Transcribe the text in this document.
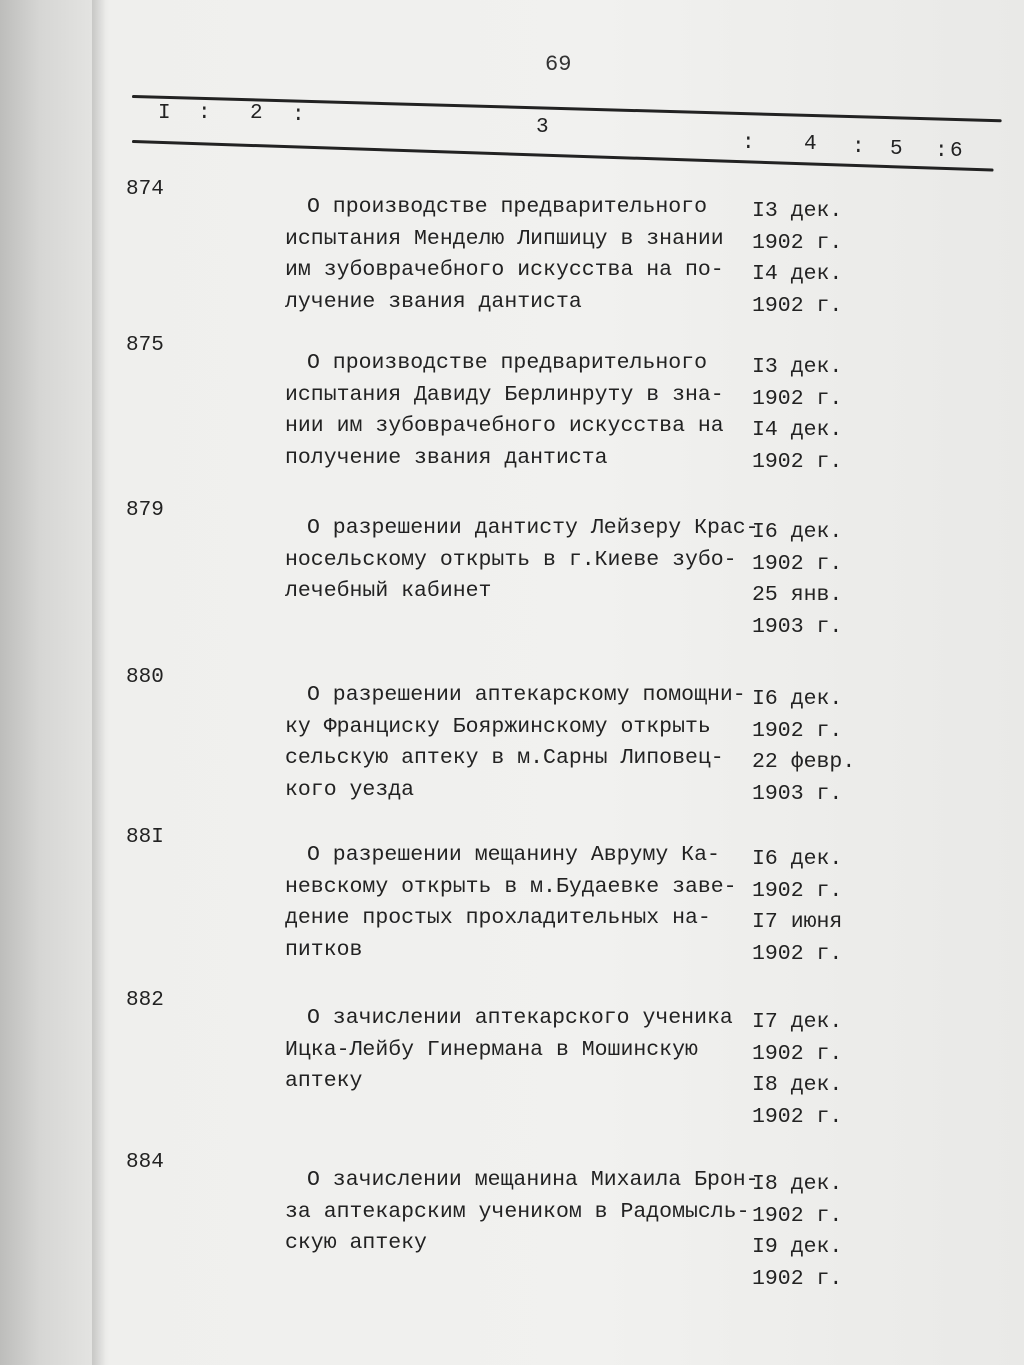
69
I : 2 :
3
: 4 : 5 : 6
874
О производстве предварительного
испытания Менделю Липшицу в знании
им зубоврачебного искусства на по-
лучение звания дантиста
I3 дек.
1902 г.
I4 дек.
1902 г.
875
О производстве предварительного
испытания Давиду Берлинруту в зна-
нии им зубоврачебного искусства на
получение звания дантиста
I3 дек.
1902 г.
I4 дек.
1902 г.
879
О разрешении дантисту Лейзеру Крас-
носельскому открыть в г.Киеве зубо-
лечебный кабинет
I6 дек.
1902 г.
25 янв.
1903 г.
880
О разрешении аптекарскому помощни-
ку Франциску Бояржинскому открыть
сельскую аптеку в м.Сарны Липовец-
кого уезда
I6 дек.
1902 г.
22 февр.
1903 г.
88I
О разрешении мещанину Авруму Ка-
невскому открыть в м.Будаевке заве-
дение простых прохладительных на-
питков
I6 дек.
1902 г.
I7 июня
1902 г.
882
О зачислении аптекарского ученика
Ицка-Лейбу Гинермана в Мошинскую
аптеку
I7 дек.
1902 г.
I8 дек.
1902 г.
884
О зачислении мещанина Михаила Брон-
за аптекарским учеником в Радомысль-
скую аптеку
I8 дек.
1902 г.
I9 дек.
1902 г.
